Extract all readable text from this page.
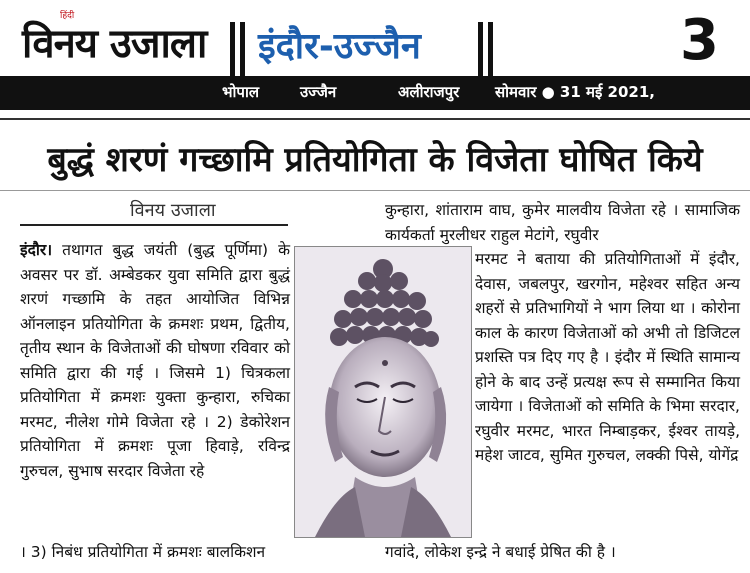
हिंदी
विनय उजाला इंदौर-उज्जैन	3
भोपाल	उज्जैन	अलीराजपुर सोमवार ● 31 मई 2021,
बुद्धं शरणं गच्छामि प्रतियोगिता के विजेता घोषित किये
विनय उजाला
इंदौर। तथागत बुद्ध जयंती (बुद्ध पूर्णिमा) के अवसर पर डॉ. अम्बेडकर युवा समिति द्वारा बुद्धं शरणं गच्छामि के तहत आयोजित विभिन्न ऑनलाइन प्रतियोगिता के क्रमशः प्रथम, द्वितीय, तृतीय स्थान के विजेताओं की घोषणा रविवार को समिति द्वारा की गई । जिसमे 1) चित्रकला प्रतियोगिता में क्रमशः युक्ता कुन्हारा, रुचिका मरमट, नीलेश गोमे विजेता रहे । 2) डेकोरेशन प्रतियोगिता में क्रमशः पूजा हिवाड़े, रविन्द्र गुरुचल, सुभाष सरदार विजेता रहे
। 3) निबंध प्रतियोगिता में क्रमशः बालकिशन
कुन्हारा, शांताराम वाघ, कुमेर मालवीय विजेता रहे । सामाजिक कार्यकर्ता मुरलीधर राहुल मेटांगे, रघुवीर
मरमट ने बताया की प्रतियोगिताओं में इंदौर, देवास, जबलपुर, खरगोन, महेश्वर सहित अन्य शहरों से प्रतिभागियों ने भाग लिया था । कोरोना काल के कारण विजेताओं को अभी तो डिजिटल प्रशस्ति पत्र दिए गए है । इंदौर में स्थिति सामान्य होने के बाद उन्हें प्रत्यक्ष रूप से सम्मानित किया जायेगा । विजेताओं को समिति के भिमा सरदार, रघुवीर मरमट, भारत निम्बाड़कर, ईश्वर तायड़े, महेश जाटव, सुमित गुरुचल, लक्की पिसे, योगेंद्र
गवांदे, लोकेश इन्द्रे ने बधाई प्रेषित की है ।
